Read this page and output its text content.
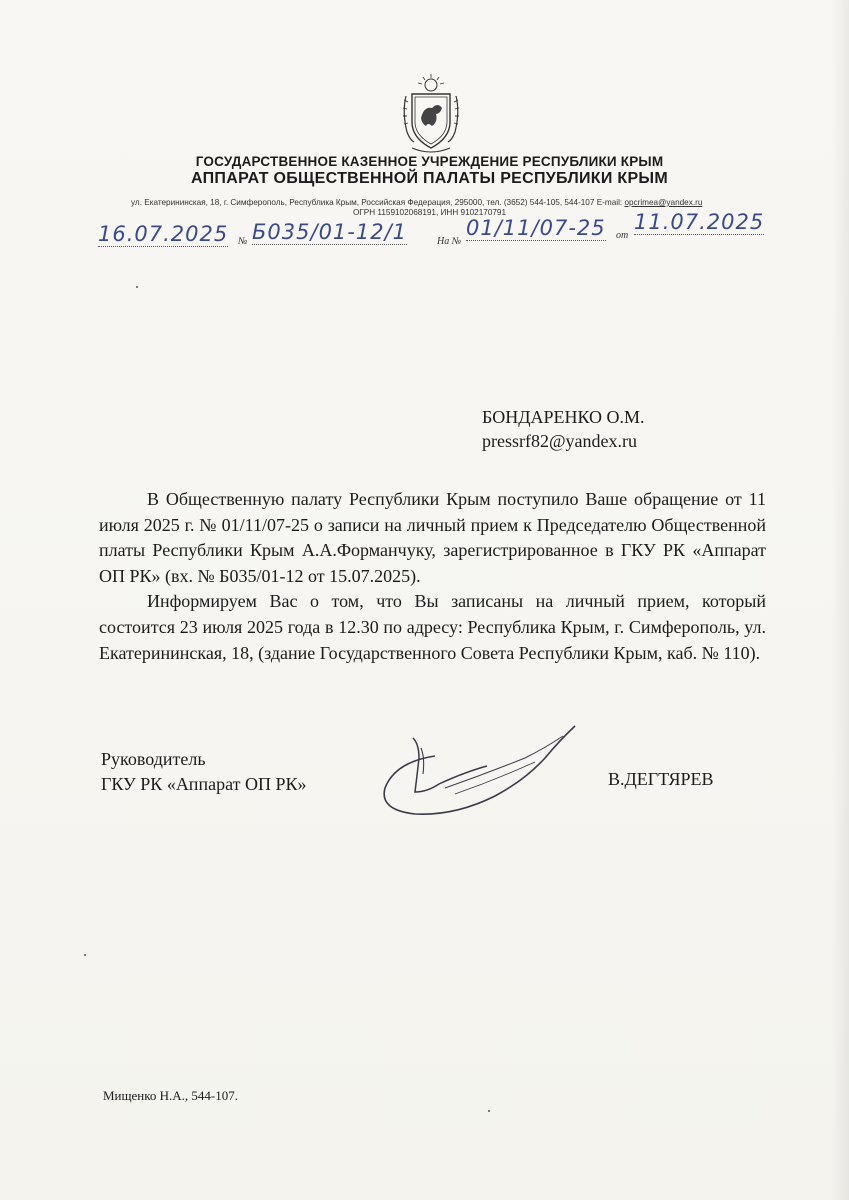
ГОСУДАРСТВЕННОЕ КАЗЕННОЕ УЧРЕЖДЕНИЕ РЕСПУБЛИКИ КРЫМ
АППАРАТ ОБЩЕСТВЕННОЙ ПАЛАТЫ РЕСПУБЛИКИ КРЫМ
ул. Екатерининская, 18, г. Симферополь, Республика Крым, Российская Федерация, 295000, тел. (3652) 544-105, 544-107 E-mail: opcrimea@yandex.ru
ОГРН 1159102068191, ИНН 9102170791
16.07.2025 № Б035/01-12/1	На №
01/11/07-25 от
11.07.2025
БОНДАРЕНКО О.М.
pressrf82@yandex.ru

В Общественную палату Республики Крым поступило Ваше обращение от 11 июля 2025 г. № 01/11/07-25 о записи на личный прием к Председателю Общественной платы Республики Крым А.А.Форманчуку, зарегистрированное в ГКУ РК «Аппарат ОП РК» (вх. № Б035/01-12 от 15.07.2025).

Информируем Вас о том, что Вы записаны на личный прием, который состоится 23 июля 2025 года в 12.30 по адресу: Республика Крым, г. Симферополь, ул. Екатерининская, 18, (здание Государственного Совета Республики Крым, каб. № 110).

Руководитель
ГКУ РК «Аппарат ОП РК»	В.ДЕГТЯРЕВ
Мищенко Н.А., 544-107.
